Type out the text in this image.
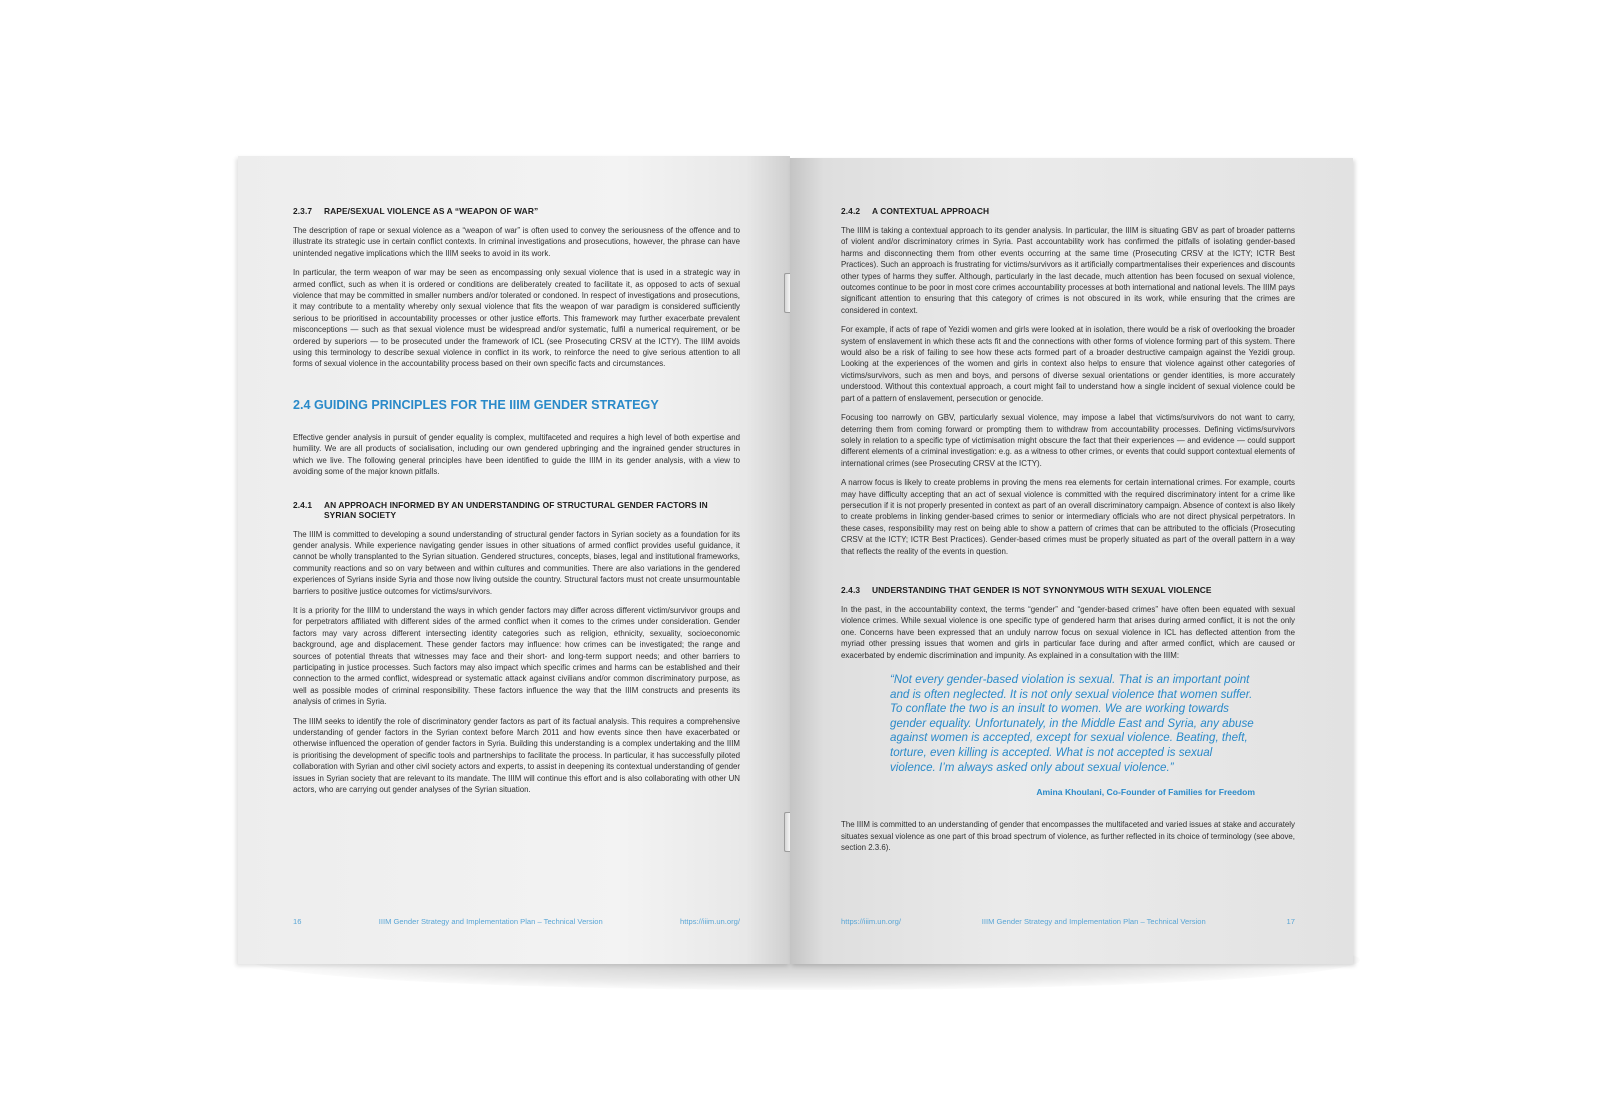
2.3.7	RAPE/SEXUAL VIOLENCE AS A “WEAPON OF WAR”

The description of rape or sexual violence as a “weapon of war” is often used to convey the seriousness of the offence and to illustrate its strategic use in certain conflict contexts. In criminal investigations and prosecutions, however, the phrase can have unintended negative implications which the IIIM seeks to avoid in its work.

In particular, the term weapon of war may be seen as encompassing only sexual violence that is used in a strategic way in armed conflict, such as when it is ordered or conditions are deliberately created to facilitate it, as opposed to acts of sexual violence that may be committed in smaller numbers and/or tolerated or condoned. In respect of investigations and prosecutions, it may contribute to a mentality whereby only sexual violence that fits the weapon of war paradigm is considered sufficiently serious to be prioritised in accountability processes or other justice efforts. This framework may further exacerbate prevalent misconceptions — such as that sexual violence must be widespread and/or systematic, fulfil a numerical requirement, or be ordered by superiors — to be prosecuted under the framework of ICL (see Prosecuting CRSV at the ICTY). The IIIM avoids using this terminology to describe sexual violence in conflict in its work, to reinforce the need to give serious attention to all forms of sexual violence in the accountability process based on their own specific facts and circumstances.

2.4 GUIDING PRINCIPLES FOR THE IIIM GENDER STRATEGY

Effective gender analysis in pursuit of gender equality is complex, multifaceted and requires a high level of both expertise and humility. We are all products of socialisation, including our own gendered upbringing and the ingrained gender structures in which we live. The following general principles have been identified to guide the IIIM in its gender analysis, with a view to avoiding some of the major known pitfalls.

2.4.1	AN APPROACH INFORMED BY AN UNDERSTANDING OF STRUCTURAL GENDER FACTORS IN SYRIAN SOCIETY

The IIIM is committed to developing a sound understanding of structural gender factors in Syrian society as a foundation for its gender analysis. While experience navigating gender issues in other situations of armed conflict provides useful guidance, it cannot be wholly transplanted to the Syrian situation. Gendered structures, concepts, biases, legal and institutional frameworks, community reactions and so on vary between and within cultures and communities. There are also variations in the gendered experiences of Syrians inside Syria and those now living outside the country. Structural factors must not create unsurmountable barriers to positive justice outcomes for victims/survivors.

It is a priority for the IIIM to understand the ways in which gender factors may differ across different victim/survivor groups and for perpetrators affiliated with different sides of the armed conflict when it comes to the crimes under consideration. Gender factors may vary across different intersecting identity categories such as religion, ethnicity, sexuality, socioeconomic background, age and displacement. These gender factors may influence: how crimes can be investigated; the range and sources of potential threats that witnesses may face and their short- and long-term support needs; and other barriers to participating in justice processes. Such factors may also impact which specific crimes and harms can be established and their connection to the armed conflict, widespread or systematic attack against civilians and/or common discriminatory purpose, as well as possible modes of criminal responsibility. These factors influence the way that the IIIM constructs and presents its analysis of crimes in Syria.

The IIIM seeks to identify the role of discriminatory gender factors as part of its factual analysis. This requires a comprehensive understanding of gender factors in the Syrian context before March 2011 and how events since then have exacerbated or otherwise influenced the operation of gender factors in Syria. Building this understanding is a complex undertaking and the IIIM is prioritising the development of specific tools and partnerships to facilitate the process. In particular, it has successfully piloted collaboration with Syrian and other civil society actors and experts, to assist in deepening its contextual understanding of gender issues in Syrian society that are relevant to its mandate. The IIIM will continue this effort and is also collaborating with other UN actors, who are carrying out gender analyses of the Syrian situation.

16	IIIM Gender Strategy and Implementation Plan – Technical Version	https://iiim.un.org/
2.4.2	A CONTEXTUAL APPROACH

The IIIM is taking a contextual approach to its gender analysis. In particular, the IIIM is situating GBV as part of broader patterns of violent and/or discriminatory crimes in Syria. Past accountability work has confirmed the pitfalls of isolating gender-based harms and disconnecting them from other events occurring at the same time (Prosecuting CRSV at the ICTY; ICTR Best Practices). Such an approach is frustrating for victims/survivors as it artificially compartmentalises their experiences and discounts other types of harms they suffer. Although, particularly in the last decade, much attention has been focused on sexual violence, outcomes continue to be poor in most core crimes accountability processes at both international and national levels. The IIIM pays significant attention to ensuring that this category of crimes is not obscured in its work, while ensuring that the crimes are considered in context.

For example, if acts of rape of Yezidi women and girls were looked at in isolation, there would be a risk of overlooking the broader system of enslavement in which these acts fit and the connections with other forms of violence forming part of this system. There would also be a risk of failing to see how these acts formed part of a broader destructive campaign against the Yezidi group. Looking at the experiences of the women and girls in context also helps to ensure that violence against other categories of victims/survivors, such as men and boys, and persons of diverse sexual orientations or gender identities, is more accurately understood. Without this contextual approach, a court might fail to understand how a single incident of sexual violence could be part of a pattern of enslavement, persecution or genocide.

Focusing too narrowly on GBV, particularly sexual violence, may impose a label that victims/survivors do not want to carry, deterring them from coming forward or prompting them to withdraw from accountability processes. Defining victims/survivors solely in relation to a specific type of victimisation might obscure the fact that their experiences — and evidence — could support different elements of a criminal investigation: e.g. as a witness to other crimes, or events that could support contextual elements of international crimes (see Prosecuting CRSV at the ICTY).

A narrow focus is likely to create problems in proving the mens rea elements for certain international crimes. For example, courts may have difficulty accepting that an act of sexual violence is committed with the required discriminatory intent for a crime like persecution if it is not properly presented in context as part of an overall discriminatory campaign. Absence of context is also likely to create problems in linking gender-based crimes to senior or intermediary officials who are not direct physical perpetrators. In these cases, responsibility may rest on being able to show a pattern of crimes that can be attributed to the officials (Prosecuting CRSV at the ICTY; ICTR Best Practices). Gender-based crimes must be properly situated as part of the overall pattern in a way that reflects the reality of the events in question.

2.4.3	UNDERSTANDING THAT GENDER IS NOT SYNONYMOUS WITH SEXUAL VIOLENCE

In the past, in the accountability context, the terms “gender” and “gender-based crimes” have often been equated with sexual violence crimes. While sexual violence is one specific type of gendered harm that arises during armed conflict, it is not the only one. Concerns have been expressed that an unduly narrow focus on sexual violence in ICL has deflected attention from the myriad other pressing issues that women and girls in particular face during and after armed conflict, which are caused or exacerbated by endemic discrimination and impunity. As explained in a consultation with the IIIM:

“Not every gender-based violation is sexual. That is an important point and is often neglected. It is not only sexual violence that women suffer. To conflate the two is an insult to women. We are working towards gender equality. Unfortunately, in the Middle East and Syria, any abuse against women is accepted, except for sexual violence. Beating, theft, torture, even killing is accepted. What is not accepted is sexual violence. I’m always asked only about sexual violence.”
Amina Khoulani, Co-Founder of Families for Freedom

The IIIM is committed to an understanding of gender that encompasses the multifaceted and varied issues at stake and accurately situates sexual violence as one part of this broad spectrum of violence, as further reflected in its choice of terminology (see above, section 2.3.6).

https://iiim.un.org/	IIIM Gender Strategy and Implementation Plan – Technical Version	17
